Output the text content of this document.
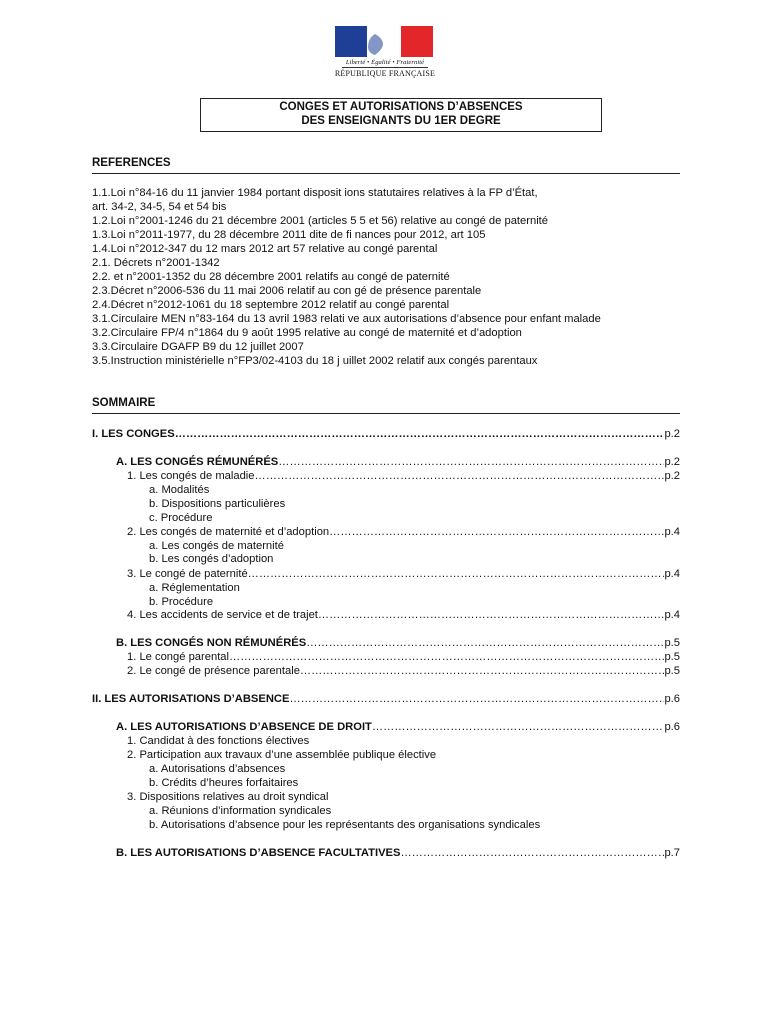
Liberté • Égalité • Fraternité
RÉPUBLIQUE FRANÇAISE
CONGES ET AUTORISATIONS D’ABSENCES
DES ENSEIGNANTS DU 1ER DEGRE
REFERENCES
1.1.Loi n°84-16 du 11 janvier 1984 portant disposit ions statutaires relatives à la FP d’État,
art. 34-2, 34-5, 54 et 54 bis
1.2.Loi n°2001-1246 du 21 décembre 2001 (articles 5 5 et 56) relative au congé de paternité
1.3.Loi n°2011-1977, du 28 décembre 2011 dite de fi nances pour 2012, art 105
1.4.Loi n°2012-347 du 12 mars 2012 art 57 relative au congé parental
2.1. Décrets n°2001-1342
2.2. et n°2001-1352 du 28 décembre 2001 relatifs au congé de paternité
2.3.Décret n°2006-536 du 11 mai 2006 relatif au con gé de présence parentale
2.4.Décret n°2012-1061 du 18 septembre 2012 relatif au congé parental
3.1.Circulaire MEN n°83-164 du 13 avril 1983 relati ve aux autorisations d’absence pour enfant malade
3.2.Circulaire FP/4 n°1864 du 9 août 1995 relative au congé de maternité et d’adoption
3.3.Circulaire DGAFP B9 du 12 juillet 2007
3.5.Instruction ministérielle n°FP3/02-4103 du 18 j uillet 2002 relatif aux congés parentaux
SOMMAIRE
I. LES CONGES ……………………………………………………………………………………………………………………………………………………………………………………………………	p.2
A. LES CONGÉS RÉMUNÉRÉS ……………………………………………………………………………………………………………………………………………………………………………………………………	p.2
1. Les congés de maladie ……………………………………………………………………………………………………………………………………………………………………………………………………	p.2
a. Modalités
b. Dispositions particulières
c. Procédure
2. Les congés de maternité et d’adoption ……………………………………………………………………………………………………………………………………………………………………………………………………	p.4
a. Les congés de maternité
b. Les congés d’adoption
3. Le congé de paternité ……………………………………………………………………………………………………………………………………………………………………………………………………	p.4
a. Réglementation
b. Procédure
4. Les accidents de service et de trajet ……………………………………………………………………………………………………………………………………………………………………………………………………	p.4
B. LES CONGÉS NON RÉMUNÉRÉS ……………………………………………………………………………………………………………………………………………………………………………………………………	p.5
1. Le congé parental ……………………………………………………………………………………………………………………………………………………………………………………………………	p.5
2. Le congé de présence parentale ……………………………………………………………………………………………………………………………………………………………………………………………………	p.5
II. LES AUTORISATIONS D’ABSENCE ……………………………………………………………………………………………………………………………………………………………………………………………………	p.6
A. LES AUTORISATIONS D’ABSENCE DE DROIT ……………………………………………………………………………………………………………………………………………………………………………………………………	p.6
1. Candidat à des fonctions électives
2. Participation aux travaux d’une assemblée publique élective
a. Autorisations d’absences
b. Crédits d’heures forfaitaires
3. Dispositions relatives au droit syndical
a. Réunions d’information syndicales
b. Autorisations d’absence pour les représentants des organisations syndicales
B. LES AUTORISATIONS D’ABSENCE FACULTATIVES ……………………………………………………………………………………………………………………………………………………………………………………………………	p.7
